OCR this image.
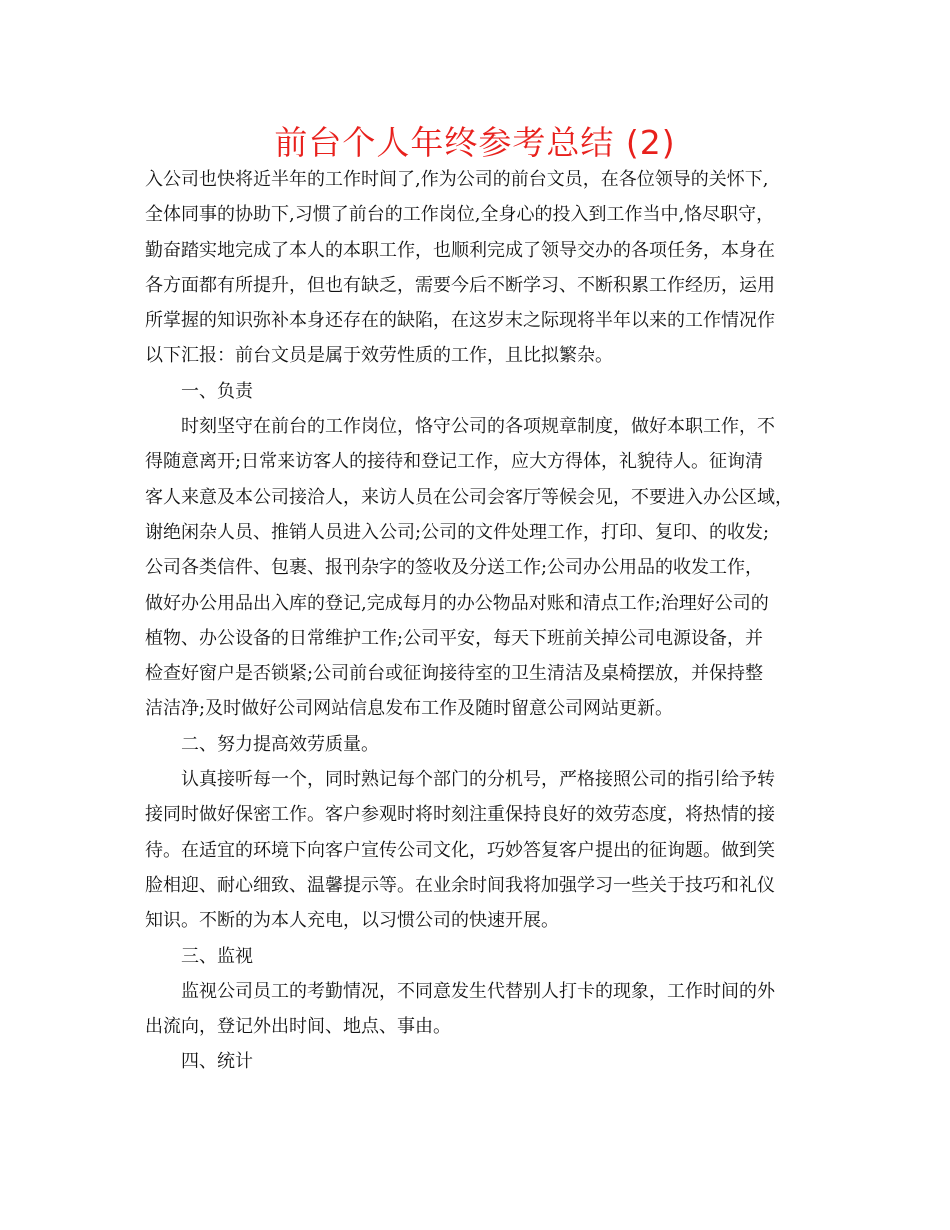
前台个人年终参考总结 (2)
入公司也快将近半年的工作时间了,作为公司的前台文员，在各位领导的关怀下,
全体同事的协助下,习惯了前台的工作岗位,全身心的投入到工作当中,恪尽职守，
勤奋踏实地完成了本人的本职工作，也顺利完成了领导交办的各项任务，本身在
各方面都有所提升，但也有缺乏，需要今后不断学习、不断积累工作经历，运用
所掌握的知识弥补本身还存在的缺陷，在这岁末之际现将半年以来的工作情况作
以下汇报：前台文员是属于效劳性质的工作，且比拟繁杂。
一、负责
时刻坚守在前台的工作岗位，恪守公司的各项规章制度，做好本职工作，不
得随意离开;日常来访客人的接待和登记工作，应大方得体，礼貌待人。征询清
客人来意及本公司接洽人，来访人员在公司会客厅等候会见，不要进入办公区域，
谢绝闲杂人员、推销人员进入公司;公司的文件处理工作，打印、复印、的收发;
公司各类信件、包裹、报刊杂字的签收及分送工作;公司办公用品的收发工作，
做好办公用品出入库的登记,完成每月的办公物品对账和清点工作;治理好公司的
植物、办公设备的日常维护工作;公司平安，每天下班前关掉公司电源设备，并
检查好窗户是否锁紧;公司前台或征询接待室的卫生清洁及桌椅摆放，并保持整
洁洁净;及时做好公司网站信息发布工作及随时留意公司网站更新。
二、努力提高效劳质量。
认真接听每一个，同时熟记每个部门的分机号，严格接照公司的指引给予转
接同时做好保密工作。客户参观时将时刻注重保持良好的效劳态度，将热情的接
待。在适宜的环境下向客户宣传公司文化，巧妙答复客户提出的征询题。做到笑
脸相迎、耐心细致、温馨提示等。在业余时间我将加强学习一些关于技巧和礼仪
知识。不断的为本人充电，以习惯公司的快速开展。
三、监视
监视公司员工的考勤情况，不同意发生代替别人打卡的现象，工作时间的外
出流向，登记外出时间、地点、事由。
四、统计
